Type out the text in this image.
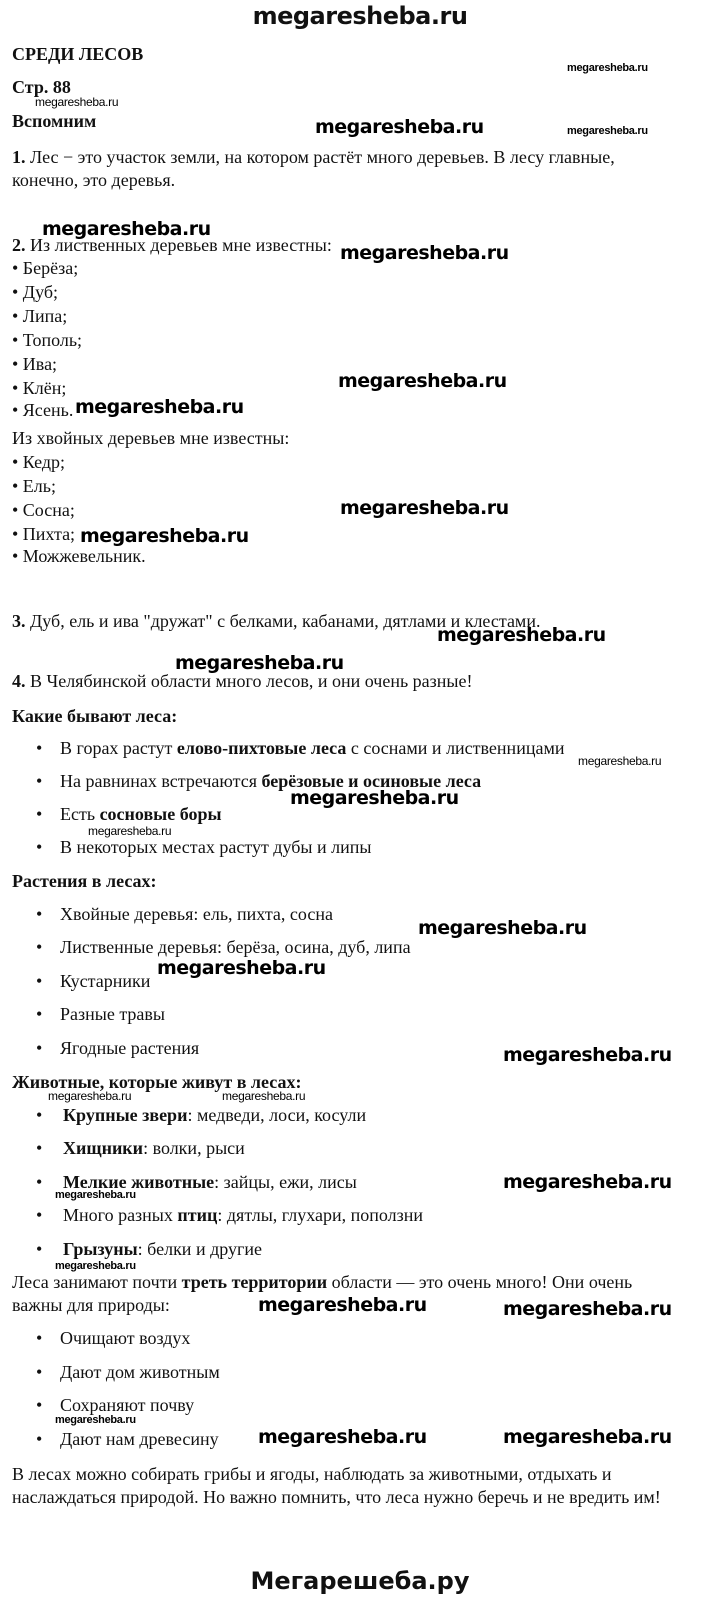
megaresheba.ru
СРЕДИ ЛЕСОВ
Стр. 88
Вспомним
1. Лес − это участок земли, на котором растёт много деревьев. В лесу главные,
конечно, это деревья.
2. Из лиственных деревьев мне известны:
• Берёза;
• Дуб;
• Липа;
• Тополь;
• Ива;
• Клён;
• Ясень.
Из хвойных деревьев мне известны:
• Кедр;
• Ель;
• Сосна;
• Пихта;
• Можжевельник.
3. Дуб, ель и ива "дружат" с белками, кабанами, дятлами и клестами.
4. В Челябинской области много лесов, и они очень разные!
Какие бывают леса:
• В горах растут елово-пихтовые леса с соснами и лиственницами
• На равнинах встречаются берёзовые и осиновые леса
• Есть сосновые боры
• В некоторых местах растут дубы и липы
Растения в лесах:
• Хвойные деревья: ель, пихта, сосна
• Лиственные деревья: берёза, осина, дуб, липа
• Кустарники
• Разные травы
• Ягодные растения
Животные, которые живут в лесах:
• Крупные звери: медведи, лоси, косули
• Хищники: волки, рыси
• Мелкие животные: зайцы, ежи, лисы
• Много разных птиц: дятлы, глухари, поползни
• Грызуны: белки и другие
Леса занимают почти треть территории области — это очень много! Они очень
важны для природы:
• Очищают воздух
• Дают дом животным
• Сохраняют почву
• Дают нам древесину
В лесах можно собирать грибы и ягоды, наблюдать за животными, отдыхать и
наслаждаться природой. Но важно помнить, что леса нужно беречь и не вредить им!
megaresheba.ru
megaresheba.ru
megaresheba.ru	megaresheba.ru
megaresheba.ru
megaresheba.ru
megaresheba.ru
megaresheba.ru
megaresheba.ru
megaresheba.ru
megaresheba.ru
megaresheba.ru
megaresheba.ru
megaresheba.ru
megaresheba.ru
megaresheba.ru
megaresheba.ru
megaresheba.ru
megaresheba.ru	megaresheba.ru
megaresheba.ru
megaresheba.ru
megaresheba.ru
megaresheba.ru	megaresheba.ru
megaresheba.ru
megaresheba.ru	megaresheba.ru
Мегарешеба.ру
